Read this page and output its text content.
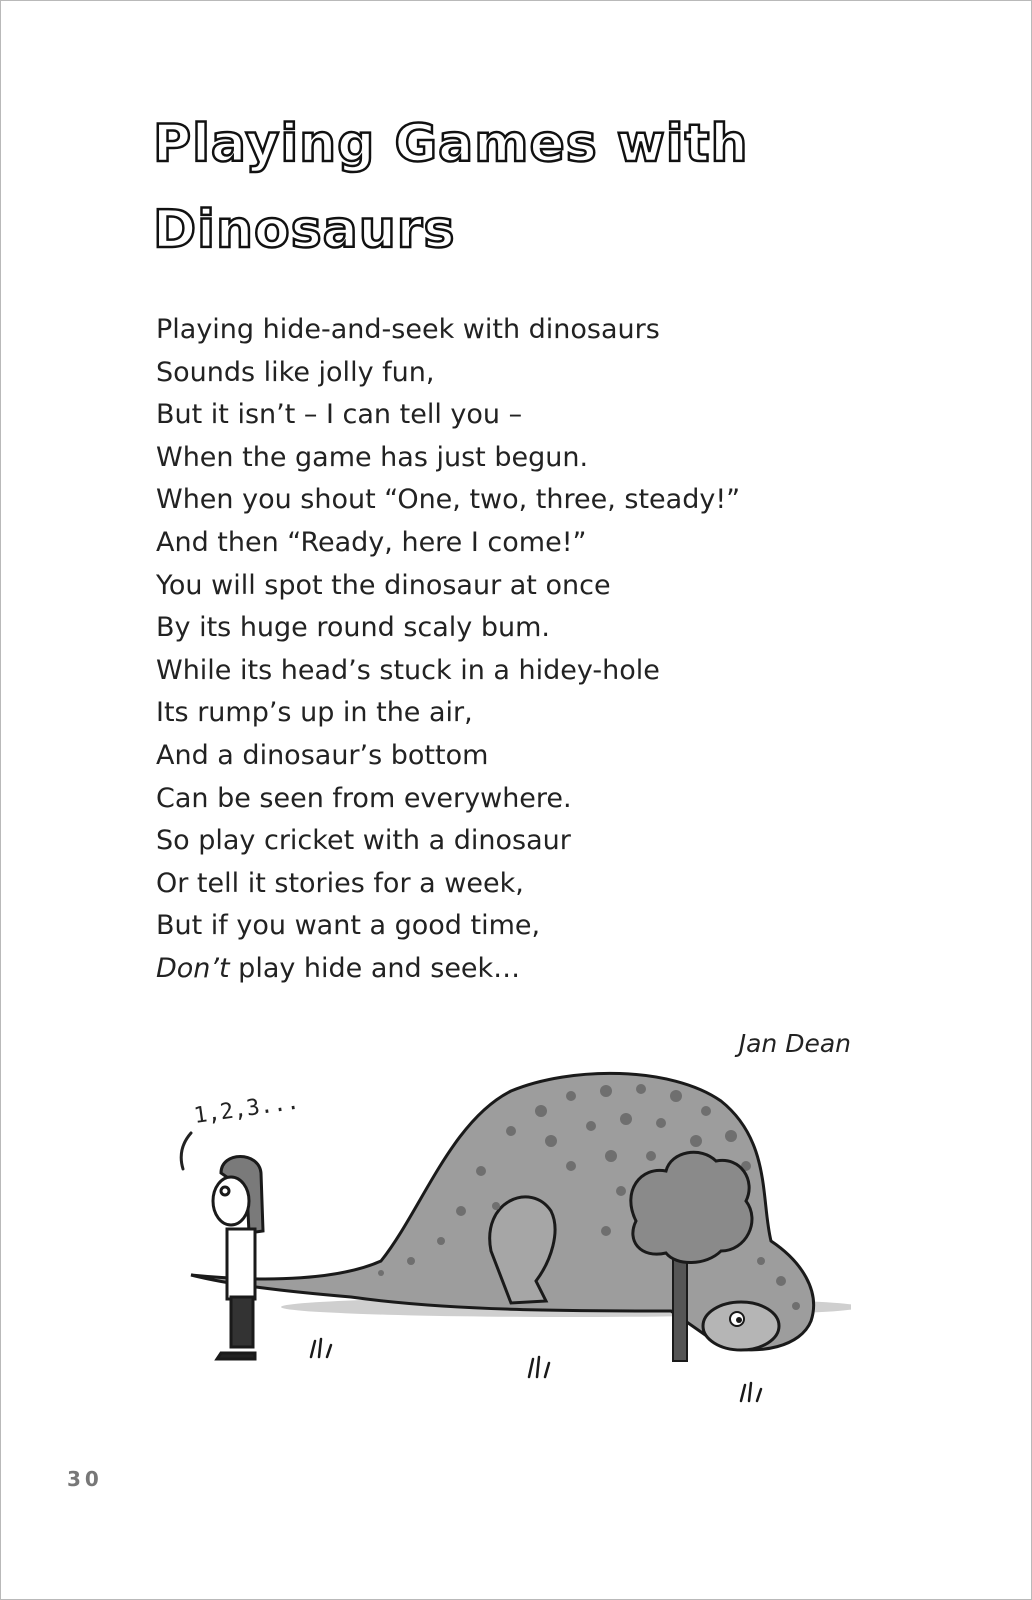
Playing Games with
Dinosaurs
Playing hide-and-seek with dinosaurs
Sounds like jolly fun,
But it isn’t – I can tell you –
When the game has just begun.
When you shout “One, two, three, steady!”
And then “Ready, here I come!”
You will spot the dinosaur at once
By its huge round scaly bum.
While its head’s stuck in a hidey-hole
Its rump’s up in the air,
And a dinosaur’s bottom
Can be seen from everywhere.
So play cricket with a dinosaur
Or tell it stories for a week,
But if you want a good time,
Don’t play hide and seek…
Jan Dean
1,2,3...
30
